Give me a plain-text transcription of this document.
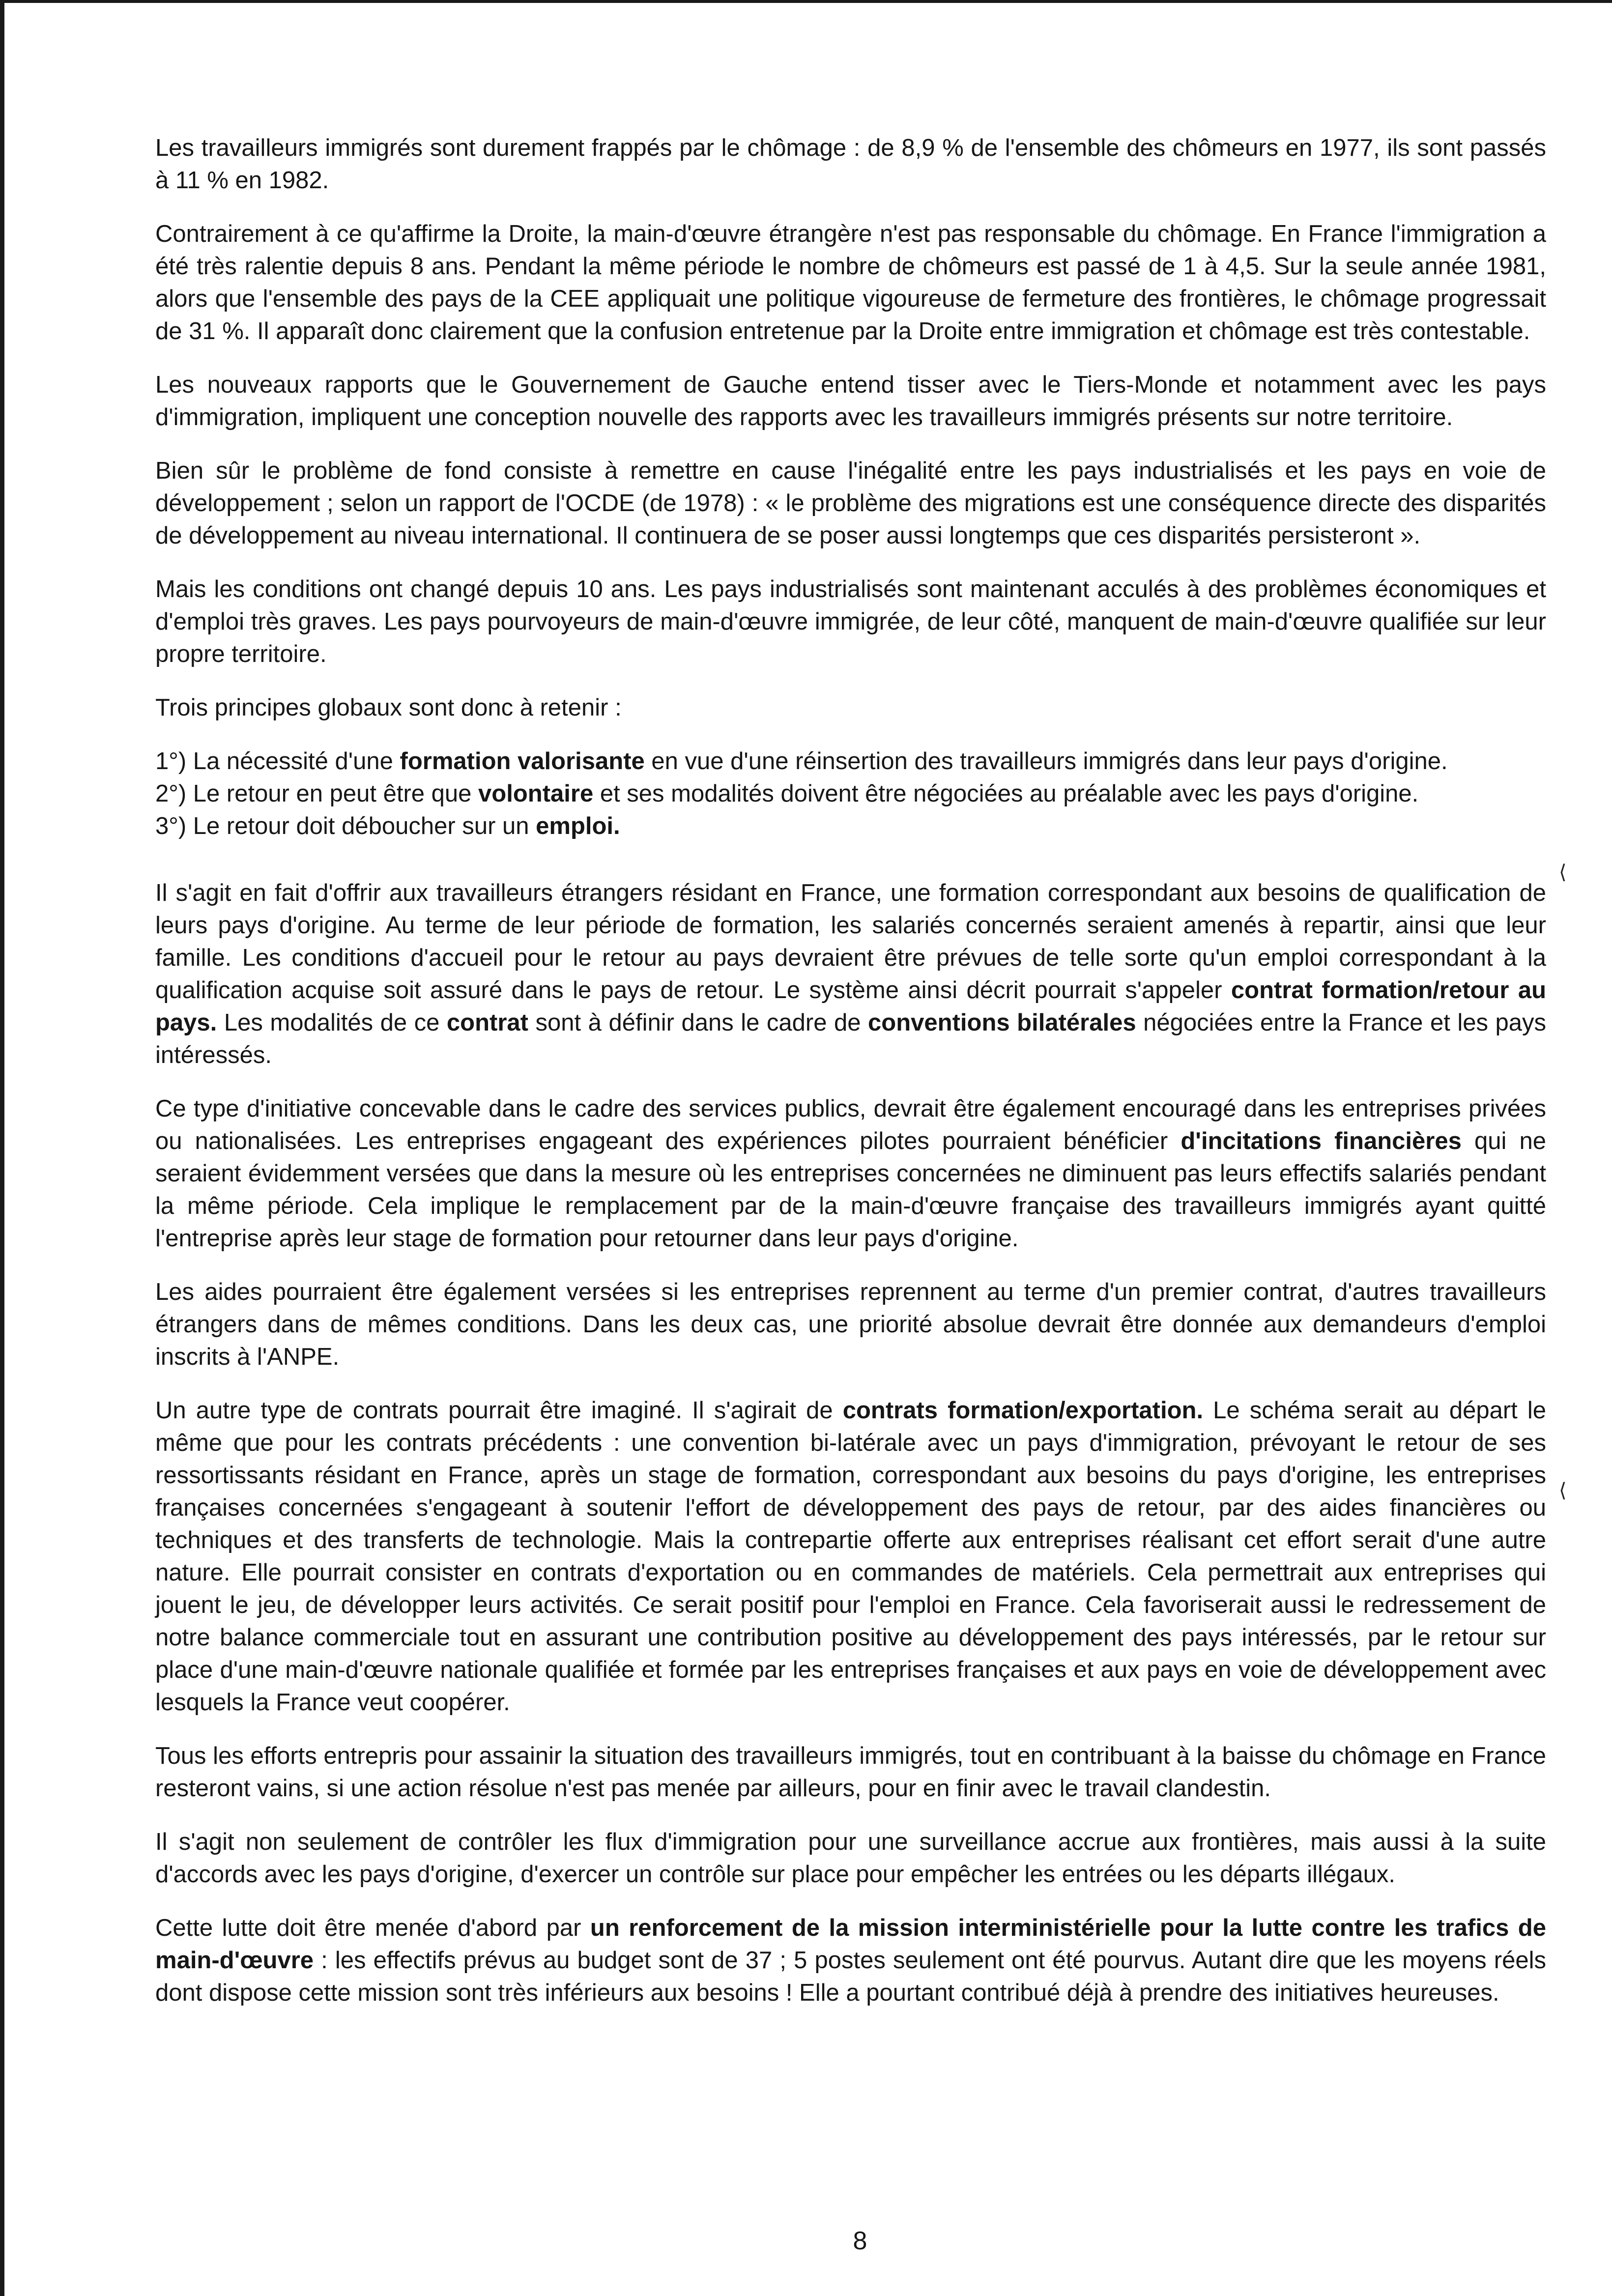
Les travailleurs immigrés sont durement frappés par le chômage : de 8,9 % de l'ensemble des chômeurs en 1977, ils sont passés à 11 % en 1982.

Contrairement à ce qu'affirme la Droite, la main-d'œuvre étrangère n'est pas responsable du chômage. En France l'immigration a été très ralentie depuis 8 ans. Pendant la même période le nombre de chômeurs est passé de 1 à 4,5. Sur la seule année 1981, alors que l'ensemble des pays de la CEE appliquait une politique vigoureuse de fermeture des frontières, le chômage progressait de 31 %. Il apparaît donc clairement que la confusion entretenue par la Droite entre immigration et chômage est très contestable.

Les nouveaux rapports que le Gouvernement de Gauche entend tisser avec le Tiers-Monde et notamment avec les pays d'immigration, impliquent une conception nouvelle des rapports avec les travailleurs immigrés présents sur notre territoire.

Bien sûr le problème de fond consiste à remettre en cause l'inégalité entre les pays industrialisés et les pays en voie de développement ; selon un rapport de l'OCDE (de 1978) : « le problème des migrations est une conséquence directe des disparités de développement au niveau international. Il continuera de se poser aussi longtemps que ces disparités persisteront ».

Mais les conditions ont changé depuis 10 ans. Les pays industrialisés sont maintenant acculés à des problèmes économiques et d'emploi très graves. Les pays pourvoyeurs de main-d'œuvre immigrée, de leur côté, manquent de main-d'œuvre qualifiée sur leur propre territoire.

Trois principes globaux sont donc à retenir :

1°) La nécessité d'une formation valorisante en vue d'une réinsertion des travailleurs immigrés dans leur pays d'origine.

2°) Le retour en peut être que volontaire et ses modalités doivent être négociées au préalable avec les pays d'origine.

3°) Le retour doit déboucher sur un emploi.

Il s'agit en fait d'offrir aux travailleurs étrangers résidant en France, une formation correspondant aux besoins de qualification de leurs pays d'origine. Au terme de leur période de formation, les salariés concernés seraient amenés à repartir, ainsi que leur famille. Les conditions d'accueil pour le retour au pays devraient être prévues de telle sorte qu'un emploi correspondant à la qualification acquise soit assuré dans le pays de retour. Le système ainsi décrit pourrait s'appeler contrat formation/retour au pays. Les modalités de ce contrat sont à définir dans le cadre de conventions bilatérales négociées entre la France et les pays intéressés.

Ce type d'initiative concevable dans le cadre des services publics, devrait être également encouragé dans les entreprises privées ou nationalisées. Les entreprises engageant des expériences pilotes pourraient bénéficier d'incitations financières qui ne seraient évidemment versées que dans la mesure où les entreprises concernées ne diminuent pas leurs effectifs salariés pendant la même période. Cela implique le remplacement par de la main-d'œuvre française des travailleurs immigrés ayant quitté l'entreprise après leur stage de formation pour retourner dans leur pays d'origine.

Les aides pourraient être également versées si les entreprises reprennent au terme d'un premier contrat, d'autres travailleurs étrangers dans de mêmes conditions. Dans les deux cas, une priorité absolue devrait être donnée aux demandeurs d'emploi inscrits à l'ANPE.

Un autre type de contrats pourrait être imaginé. Il s'agirait de contrats formation/exportation. Le schéma serait au départ le même que pour les contrats précédents : une convention bi-latérale avec un pays d'immigration, prévoyant le retour de ses ressortissants résidant en France, après un stage de formation, correspondant aux besoins du pays d'origine, les entreprises françaises concernées s'engageant à soutenir l'effort de développement des pays de retour, par des aides financières ou techniques et des transferts de technologie. Mais la contrepartie offerte aux entreprises réalisant cet effort serait d'une autre nature. Elle pourrait consister en contrats d'exportation ou en commandes de matériels. Cela permettrait aux entreprises qui jouent le jeu, de développer leurs activités. Ce serait positif pour l'emploi en France. Cela favoriserait aussi le redressement de notre balance commerciale tout en assurant une contribution positive au développement des pays intéressés, par le retour sur place d'une main-d'œuvre nationale qualifiée et formée par les entreprises françaises et aux pays en voie de développement avec lesquels la France veut coopérer.

Tous les efforts entrepris pour assainir la situation des travailleurs immigrés, tout en contribuant à la baisse du chômage en France resteront vains, si une action résolue n'est pas menée par ailleurs, pour en finir avec le travail clandestin.

Il s'agit non seulement de contrôler les flux d'immigration pour une surveillance accrue aux frontières, mais aussi à la suite d'accords avec les pays d'origine, d'exercer un contrôle sur place pour empêcher les entrées ou les départs illégaux.

Cette lutte doit être menée d'abord par un renforcement de la mission interministérielle pour la lutte contre les trafics de main-d'œuvre : les effectifs prévus au budget sont de 37 ; 5 postes seulement ont été pourvus. Autant dire que les moyens réels dont dispose cette mission sont très inférieurs aux besoins ! Elle a pourtant contribué déjà à prendre des initiatives heureuses.

⟨
⟨
8
